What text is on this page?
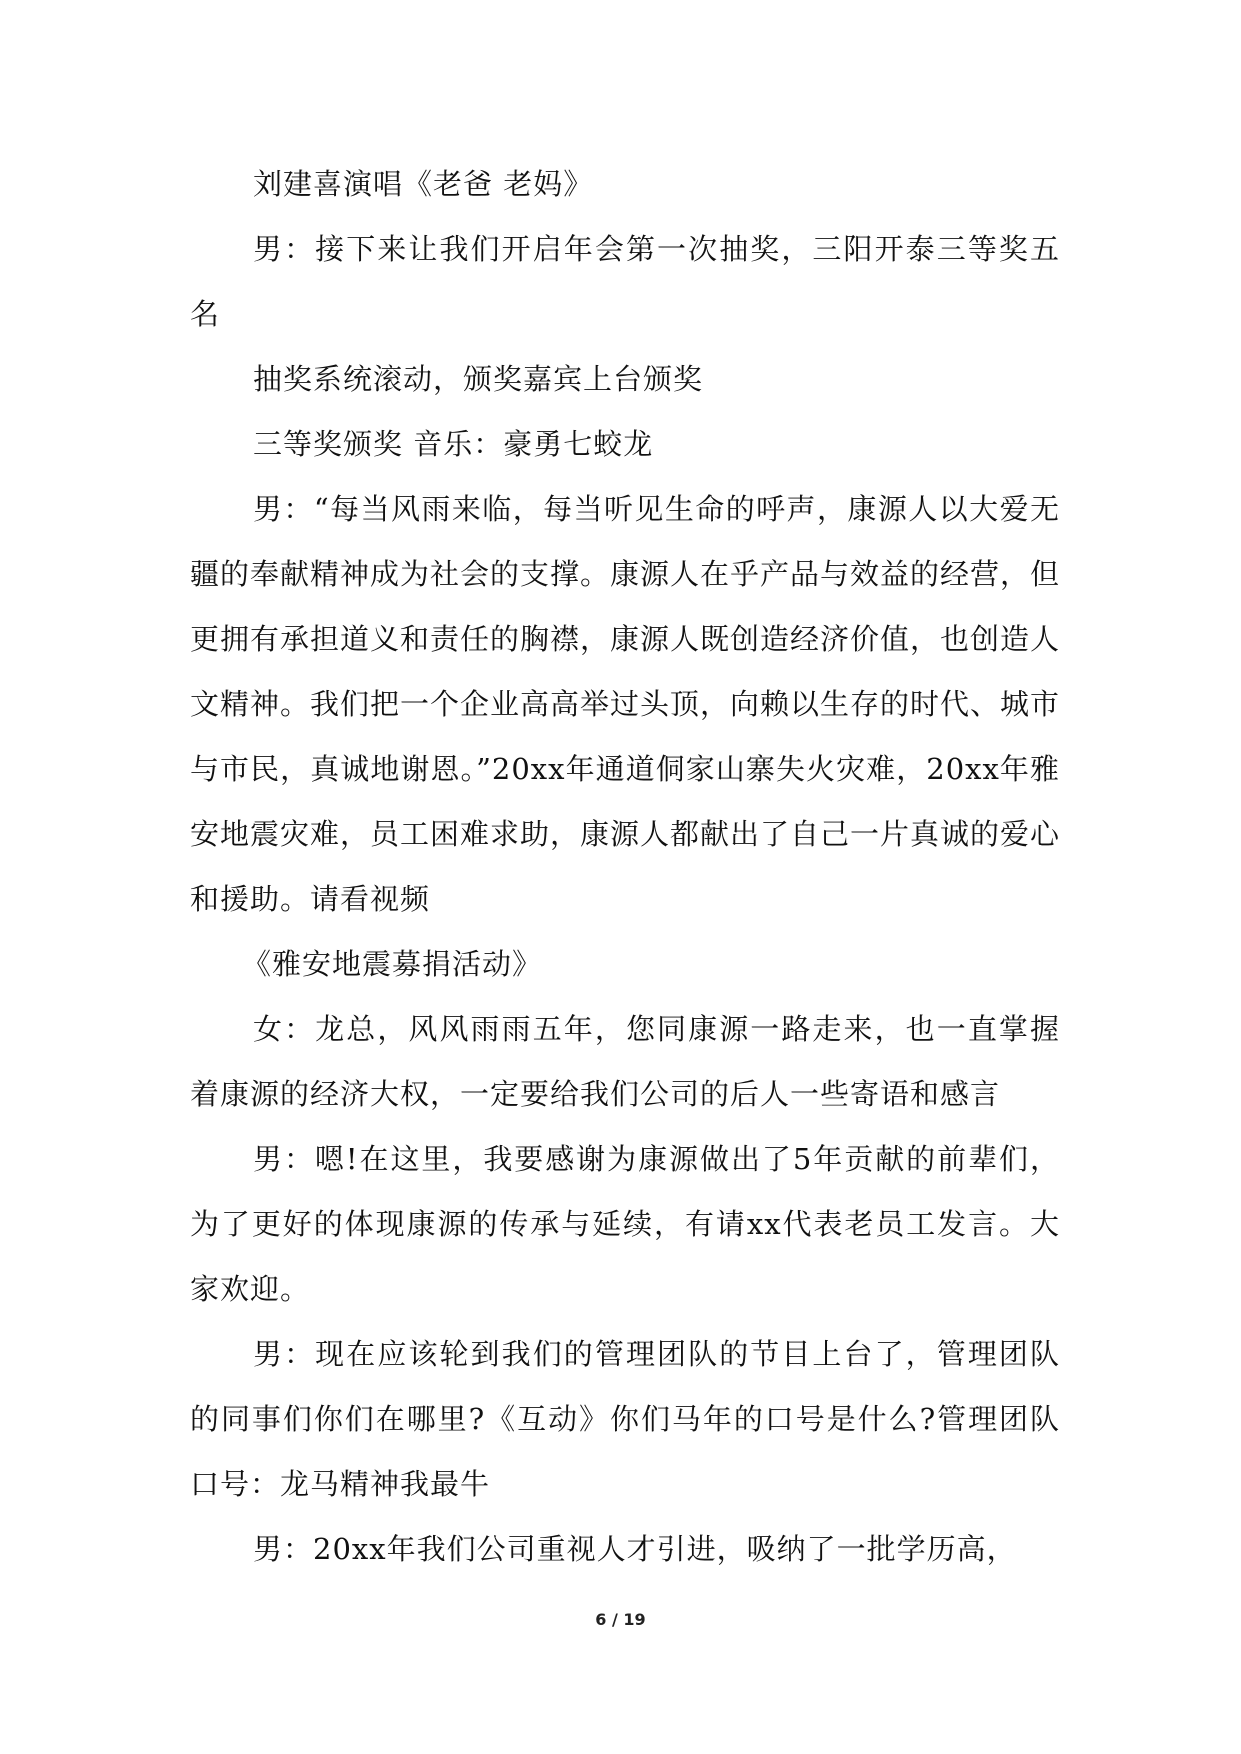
刘建喜演唱《老爸 老妈》

男：接下来让我们开启年会第一次抽奖，三阳开泰三等奖五名

抽奖系统滚动，颁奖嘉宾上台颁奖

三等奖颁奖 音乐：豪勇七蛟龙

男：“每当风雨来临，每当听见生命的呼声，康源人以大爱无疆的奉献精神成为社会的支撑。康源人在乎产品与效益的经营，但更拥有承担道义和责任的胸襟，康源人既创造经济价值，也创造人文精神。我们把一个企业高高举过头顶，向赖以生存的时代、城市与市民，真诚地谢恩。”20xx年通道侗家山寨失火灾难，20xx年雅安地震灾难，员工困难求助，康源人都献出了自己一片真诚的爱心和援助。请看视频

《雅安地震募捐活动》

女：龙总，风风雨雨五年，您同康源一路走来，也一直掌握着康源的经济大权，一定要给我们公司的后人一些寄语和感言

男：嗯!在这里，我要感谢为康源做出了5年贡献的前辈们，为了更好的体现康源的传承与延续，有请xx代表老员工发言。大家欢迎。

男：现在应该轮到我们的管理团队的节目上台了，管理团队的同事们你们在哪里?《互动》你们马年的口号是什么?管理团队口号：龙马精神我最牛

男：20xx年我们公司重视人才引进，吸纳了一批学历高，

6 / 19
